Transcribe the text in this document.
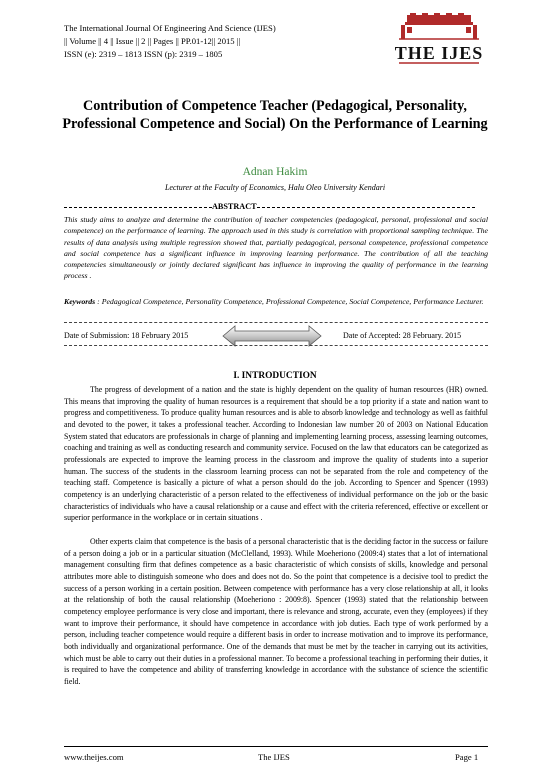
The International Journal Of Engineering And Science (IJES)
|| Volume || 4 || Issue || 2 || Pages || PP.01-12|| 2015 ||
ISSN (e): 2319 – 1813 ISSN (p): 2319 – 1805	THE IJES
Contribution of Competence Teacher (Pedagogical, Personality, Professional Competence and Social) On the Performance of Learning
Adnan Hakim
Lecturer at the Faculty of Economics, Halu Oleo University Kendari
ABSTRACT
This study aims to analyze and determine the contribution of teacher competencies (pedagogical, personal, professional and social competence) on the performance of learning. The approach used in this study is correlation with proportional sampling technique. The results of data analysis using multiple regression showed that, partially pedagogical, personal competence, professional competence and social competence has a significant influence in improving learning performance. The contribution of all the teaching competencies simultaneously or jointly declared significant has influence in improving the quality of performance in the learning process .
Keywords : Pedagogical Competence, Personality Competence, Professional Competence, Social Competence, Performance Lecturer.
Date of Submission: 18 February 2015	Date of Accepted: 28 February. 2015
I. INTRODUCTION

The progress of development of a nation and the state is highly dependent on the quality of human resources (HR) owned. This means that improving the quality of human resources is a requirement that should be a top priority if a state and nation want to progress and competitiveness. To produce quality human resources and is able to absorb knowledge and technology as well as faithful and devoted to the power, it takes a professional teacher. According to Indonesian law number 20 of 2003 on National Education System stated that educators are professionals in charge of planning and implementing learning process, assessing learning outcomes, coaching and training as well as conducting research and community service. Focused on the law that educators can be categorized as professionals are expected to improve the learning process in the classroom and improve the quality of students into a superior human. The success of the students in the classroom learning process can not be separated from the role and competency of the teaching staff. Competence is basically a picture of what a person should do the job. According to Spencer and Spencer (1993) competency is an underlying characteristic of a person related to the effectiveness of individual performance on the job or the basic characteristics of individuals who have a causal relationship or a cause and effect with the criteria referenced, effective or excellent or superior performance in the workplace or in certain situations .

Other experts claim that competence is the basis of a personal characteristic that is the deciding factor in the success or failure of a person doing a job or in a particular situation (McClelland, 1993). While Moeheriono (2009:4) states that a lot of international management consulting firm that defines competence as a basic characteristic of which consists of skills, knowledge and personal attributes more able to distinguish someone who does and does not do. So the point that competence is a decisive tool to predict the success of a person working in a certain position. Between competence with performance has a very close relationship at all, it looks at the relationship of both the causal relationship (Moeheriono : 2009:8). Spencer (1993) stated that the relationship between competency employee performance is very close and important, there is relevance and strong, accurate, even they (employees) if they want to improve their performance, it should have competence in accordance with job duties. Each type of work performed by a person, including teacher competence would require a different basis in order to increase motivation and to improve its performance, both individually and organizational performance. One of the demands that must be met by the teacher in carrying out its activities, which must be able to carry out their duties in a professional manner. To become a professional teaching in performing their duties, it is required to have the competence and ability of transferring knowledge in accordance with the substance of science the scientific field.

www.theijes.com	The IJES	Page 1
